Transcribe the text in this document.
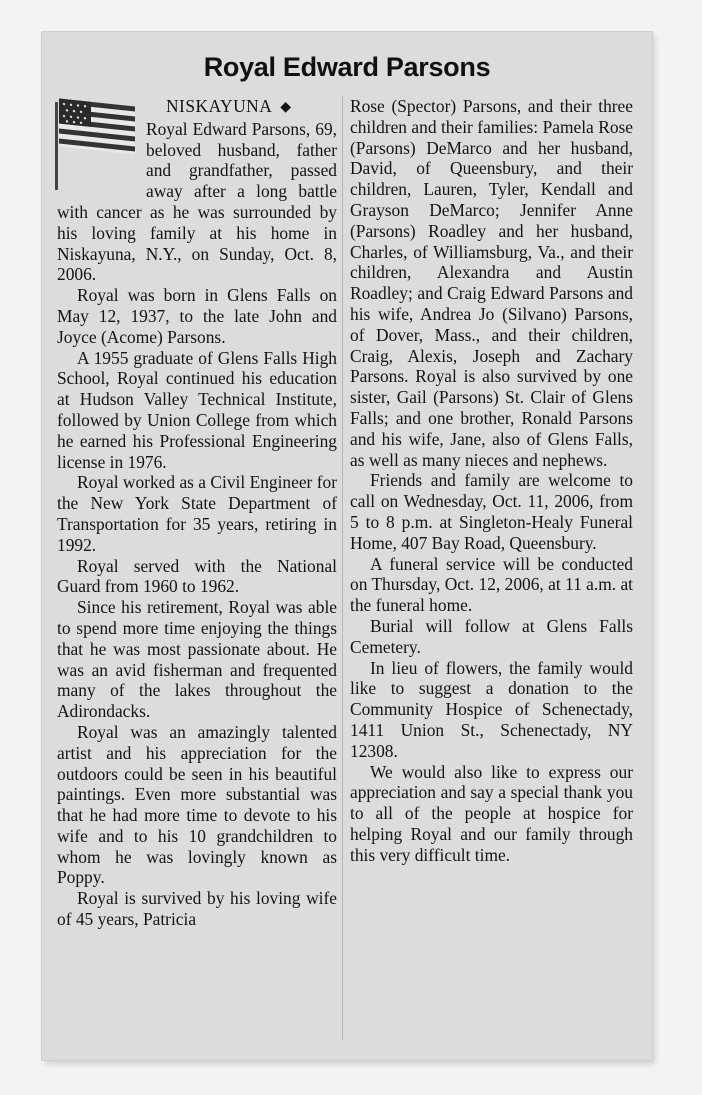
Royal Edward Parsons

NISKAYUNA ◆
Royal Edward Parsons, 69, beloved husband, father and grandfather, passed away after a long battle with cancer as he was surrounded by his loving family at his home in Niskayuna, N.Y., on Sunday, Oct. 8, 2006.

Royal was born in Glens Falls on May 12, 1937, to the late John and Joyce (Acome) Parsons.

A 1955 graduate of Glens Falls High School, Royal continued his education at Hudson Valley Technical Institute, followed by Union College from which he earned his Professional Engineering license in 1976.

Royal worked as a Civil Engineer for the New York State Department of Transportation for 35 years, retiring in 1992.

Royal served with the National Guard from 1960 to 1962.

Since his retirement, Royal was able to spend more time enjoying the things that he was most passionate about. He was an avid fisherman and frequented many of the lakes throughout the Adirondacks.

Royal was an amazingly talented artist and his appreciation for the outdoors could be seen in his beautiful paintings. Even more substantial was that he had more time to devote to his wife and to his 10 grandchildren to whom he was lovingly known as Poppy.

Royal is survived by his loving wife of 45 years, Patricia

Rose (Spector) Parsons, and their three children and their families: Pamela Rose (Parsons) DeMarco and her husband, David, of Queensbury, and their children, Lauren, Tyler, Kendall and Grayson DeMarco; Jennifer Anne (Parsons) Roadley and her husband, Charles, of Williamsburg, Va., and their children, Alexandra and Austin Roadley; and Craig Edward Parsons and his wife, Andrea Jo (Silvano) Parsons, of Dover, Mass., and their children, Craig, Alexis, Joseph and Zachary Parsons. Royal is also survived by one sister, Gail (Parsons) St. Clair of Glens Falls; and one brother, Ronald Parsons and his wife, Jane, also of Glens Falls, as well as many nieces and nephews.

Friends and family are welcome to call on Wednesday, Oct. 11, 2006, from 5 to 8 p.m. at Singleton-Healy Funeral Home, 407 Bay Road, Queensbury.

A funeral service will be conducted on Thursday, Oct. 12, 2006, at 11 a.m. at the funeral home.

Burial will follow at Glens Falls Cemetery.

In lieu of flowers, the family would like to suggest a donation to the Community Hospice of Schenectady, 1411 Union St., Schenectady, NY 12308.

We would also like to express our appreciation and say a special thank you to all of the people at hospice for helping Royal and our family through this very difficult time.
